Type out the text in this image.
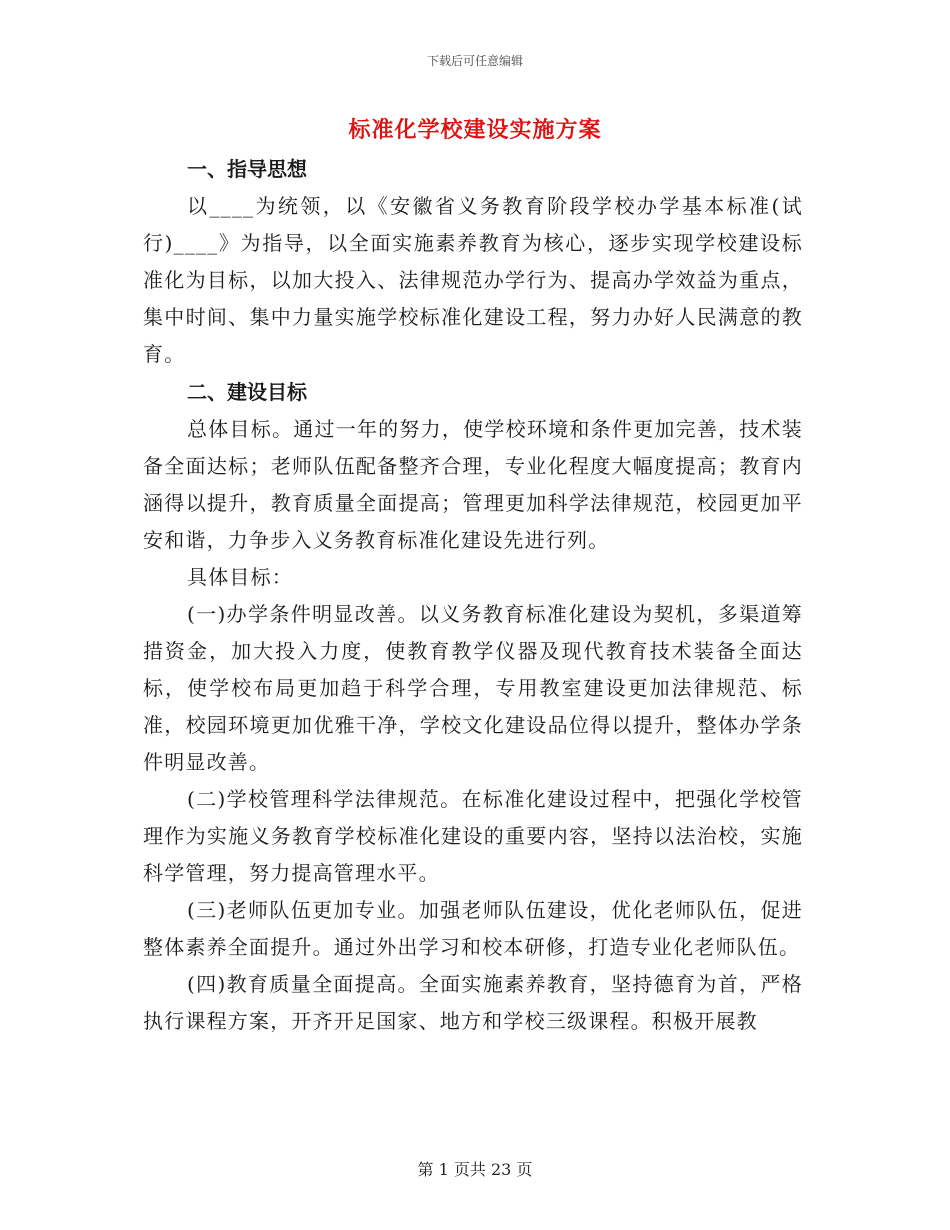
下载后可任意编辑
标准化学校建设实施方案

一、指导思想

以____为统领，以《安徽省义务教育阶段学校办学基本标准(试行)____》为指导，以全面实施素养教育为核心，逐步实现学校建设标准化为目标，以加大投入、法律规范办学行为、提高办学效益为重点，集中时间、集中力量实施学校标准化建设工程，努力办好人民满意的教育。

二、建设目标

总体目标。通过一年的努力，使学校环境和条件更加完善，技术装备全面达标；老师队伍配备整齐合理，专业化程度大幅度提高；教育内涵得以提升，教育质量全面提高；管理更加科学法律规范，校园更加平安和谐，力争步入义务教育标准化建设先进行列。

具体目标：

(一)办学条件明显改善。以义务教育标准化建设为契机，多渠道筹措资金，加大投入力度，使教育教学仪器及现代教育技术装备全面达标，使学校布局更加趋于科学合理，专用教室建设更加法律规范、标准，校园环境更加优雅干净，学校文化建设品位得以提升，整体办学条件明显改善。

(二)学校管理科学法律规范。在标准化建设过程中，把强化学校管理作为实施义务教育学校标准化建设的重要内容，坚持以法治校，实施科学管理，努力提高管理水平。

(三)老师队伍更加专业。加强老师队伍建设，优化老师队伍，促进整体素养全面提升。通过外出学习和校本研修，打造专业化老师队伍。

(四)教育质量全面提高。全面实施素养教育，坚持德育为首，严格执行课程方案，开齐开足国家、地方和学校三级课程。积极开展教

第 1 页共 23 页
